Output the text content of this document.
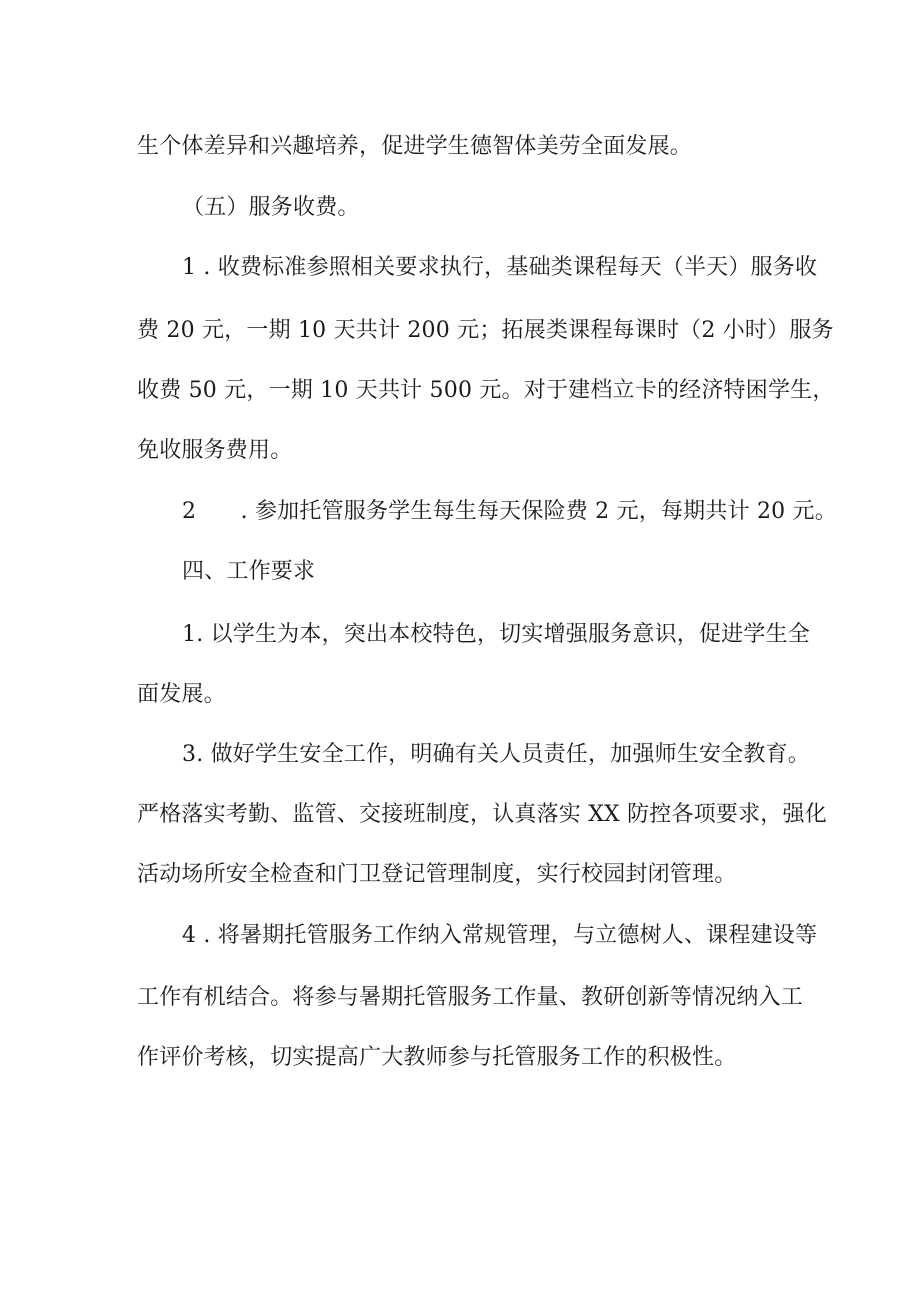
生个体差异和兴趣培养，促进学生德智体美劳全面发展。
（五）服务收费。
1 . 收费标准参照相关要求执行，基础类课程每天（半天）服务收
费 20 元，一期 10 天共计 200 元；拓展类课程每课时（2 小时）服务
收费 50 元，一期 10 天共计 500 元。对于建档立卡的经济特困学生，
免收服务费用。
2　　. 参加托管服务学生每生每天保险费 2 元，每期共计 20 元。
四、工作要求
1. 以学生为本，突出本校特色，切实增强服务意识，促进学生全
面发展。
3. 做好学生安全工作，明确有关人员责任，加强师生安全教育。
严格落实考勤、监管、交接班制度，认真落实 XX 防控各项要求，强化
活动场所安全检查和门卫登记管理制度，实行校园封闭管理。
4 . 将暑期托管服务工作纳入常规管理，与立德树人、课程建设等
工作有机结合。将参与暑期托管服务工作量、教研创新等情况纳入工
作评价考核，切实提高广大教师参与托管服务工作的积极性。
